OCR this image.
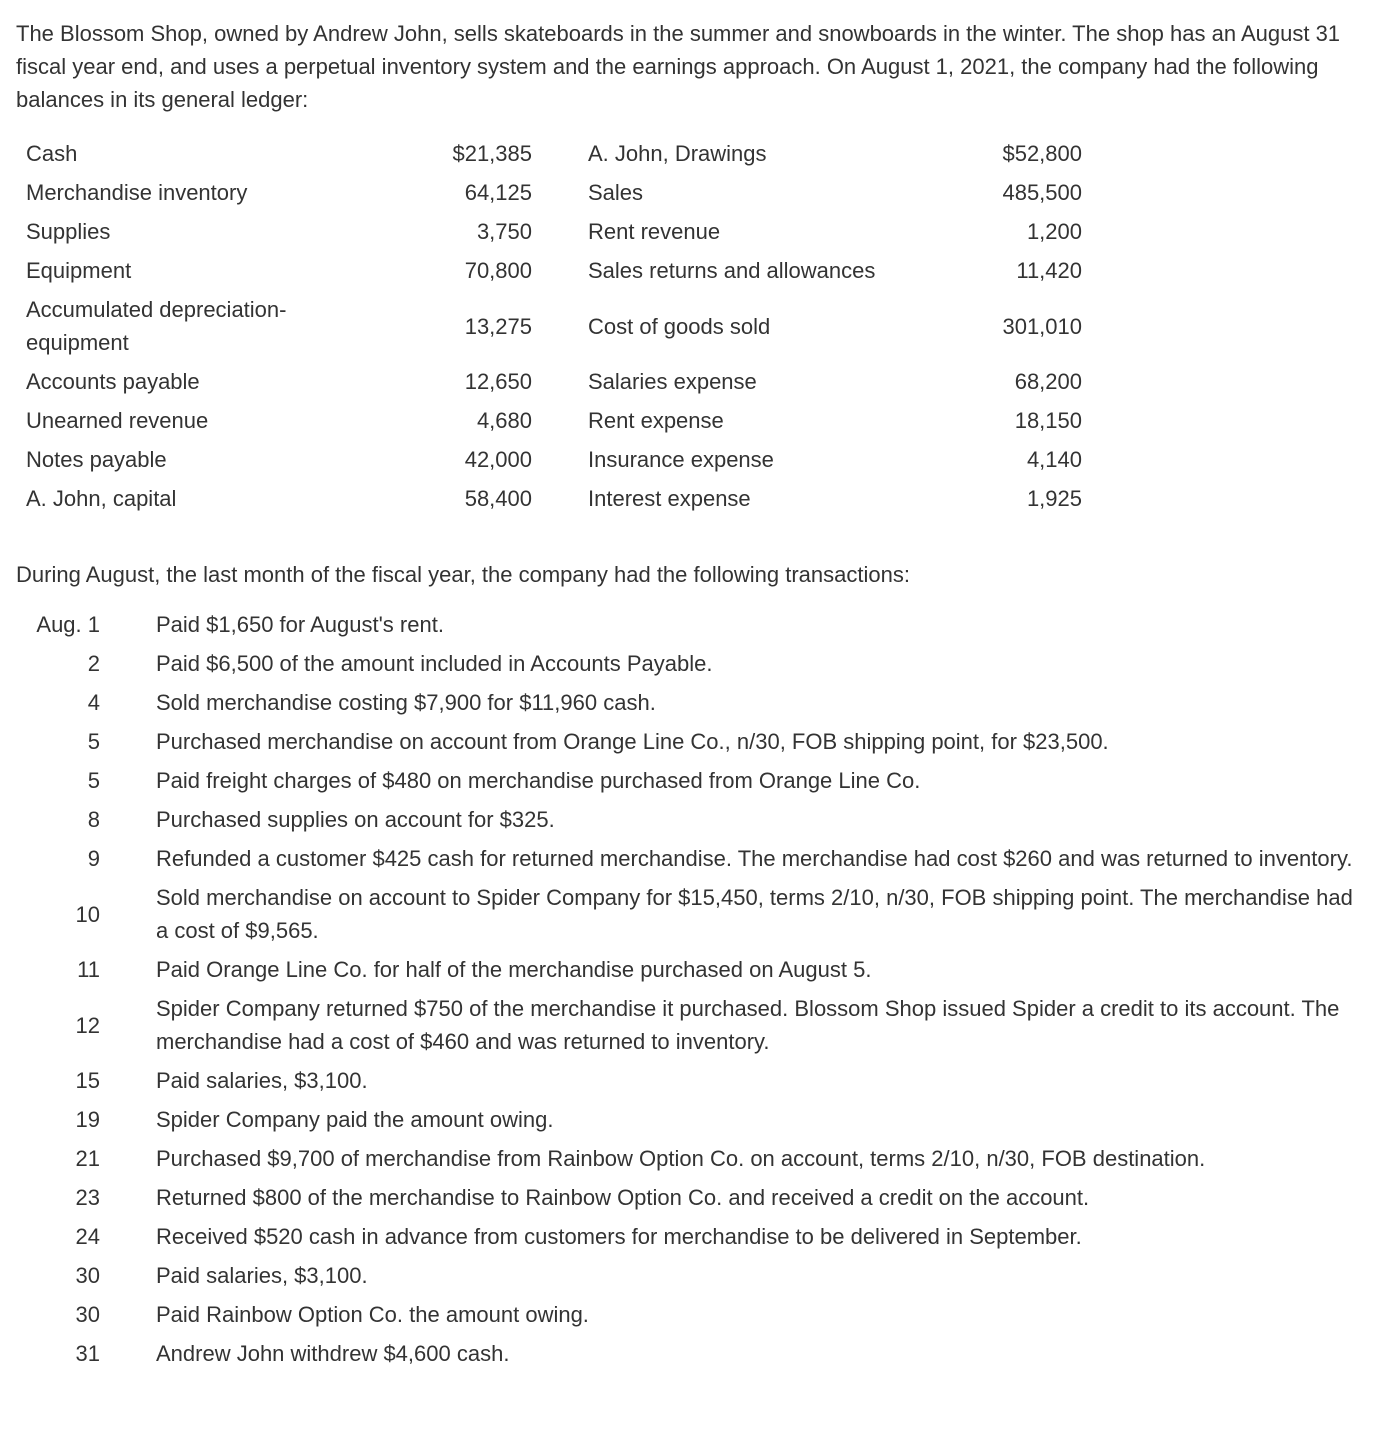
The Blossom Shop, owned by Andrew John, sells skateboards in the summer and snowboards in the winter. The shop has an August 31 fiscal year end, and uses a perpetual inventory system and the earnings approach. On August 1, 2021, the company had the following balances in its general ledger:

Cash	$21,385		A. John, Drawings	$52,800
Merchandise inventory	64,125		Sales	485,500
Supplies	3,750		Rent revenue	1,200
Equipment	70,800		Sales returns and allowances	11,420

Accumulated depreciation-equipment	13,275		Cost of goods sold	301,010
Accounts payable	12,650		Salaries expense	68,200
Unearned revenue	4,680		Rent expense	18,150
Notes payable	42,000		Insurance expense	4,140
A. John, capital	58,400		Interest expense	1,925

During August, the last month of the fiscal year, the company had the following transactions:

Aug. 1	Paid $1,650 for August's rent.
2	Paid $6,500 of the amount included in Accounts Payable.
4	Sold merchandise costing $7,900 for $11,960 cash.
5	Purchased merchandise on account from Orange Line Co., n/30, FOB shipping point, for $23,500.
5	Paid freight charges of $480 on merchandise purchased from Orange Line Co.
8	Purchased supplies on account for $325.
9	Refunded a customer $425 cash for returned merchandise. The merchandise had cost $260 and was returned to inventory.
10	Sold merchandise on account to Spider Company for $15,450, terms 2/10, n/30, FOB shipping point. The merchandise had a cost of $9,565.
11	Paid Orange Line Co. for half of the merchandise purchased on August 5.
12	Spider Company returned $750 of the merchandise it purchased. Blossom Shop issued Spider a credit to its account. The merchandise had a cost of $460 and was returned to inventory.
15	Paid salaries, $3,100.
19	Spider Company paid the amount owing.
21	Purchased $9,700 of merchandise from Rainbow Option Co. on account, terms 2/10, n/30, FOB destination.
23	Returned $800 of the merchandise to Rainbow Option Co. and received a credit on the account.
24	Received $520 cash in advance from customers for merchandise to be delivered in September.
30	Paid salaries, $3,100.
30	Paid Rainbow Option Co. the amount owing.
31	Andrew John withdrew $4,600 cash.
